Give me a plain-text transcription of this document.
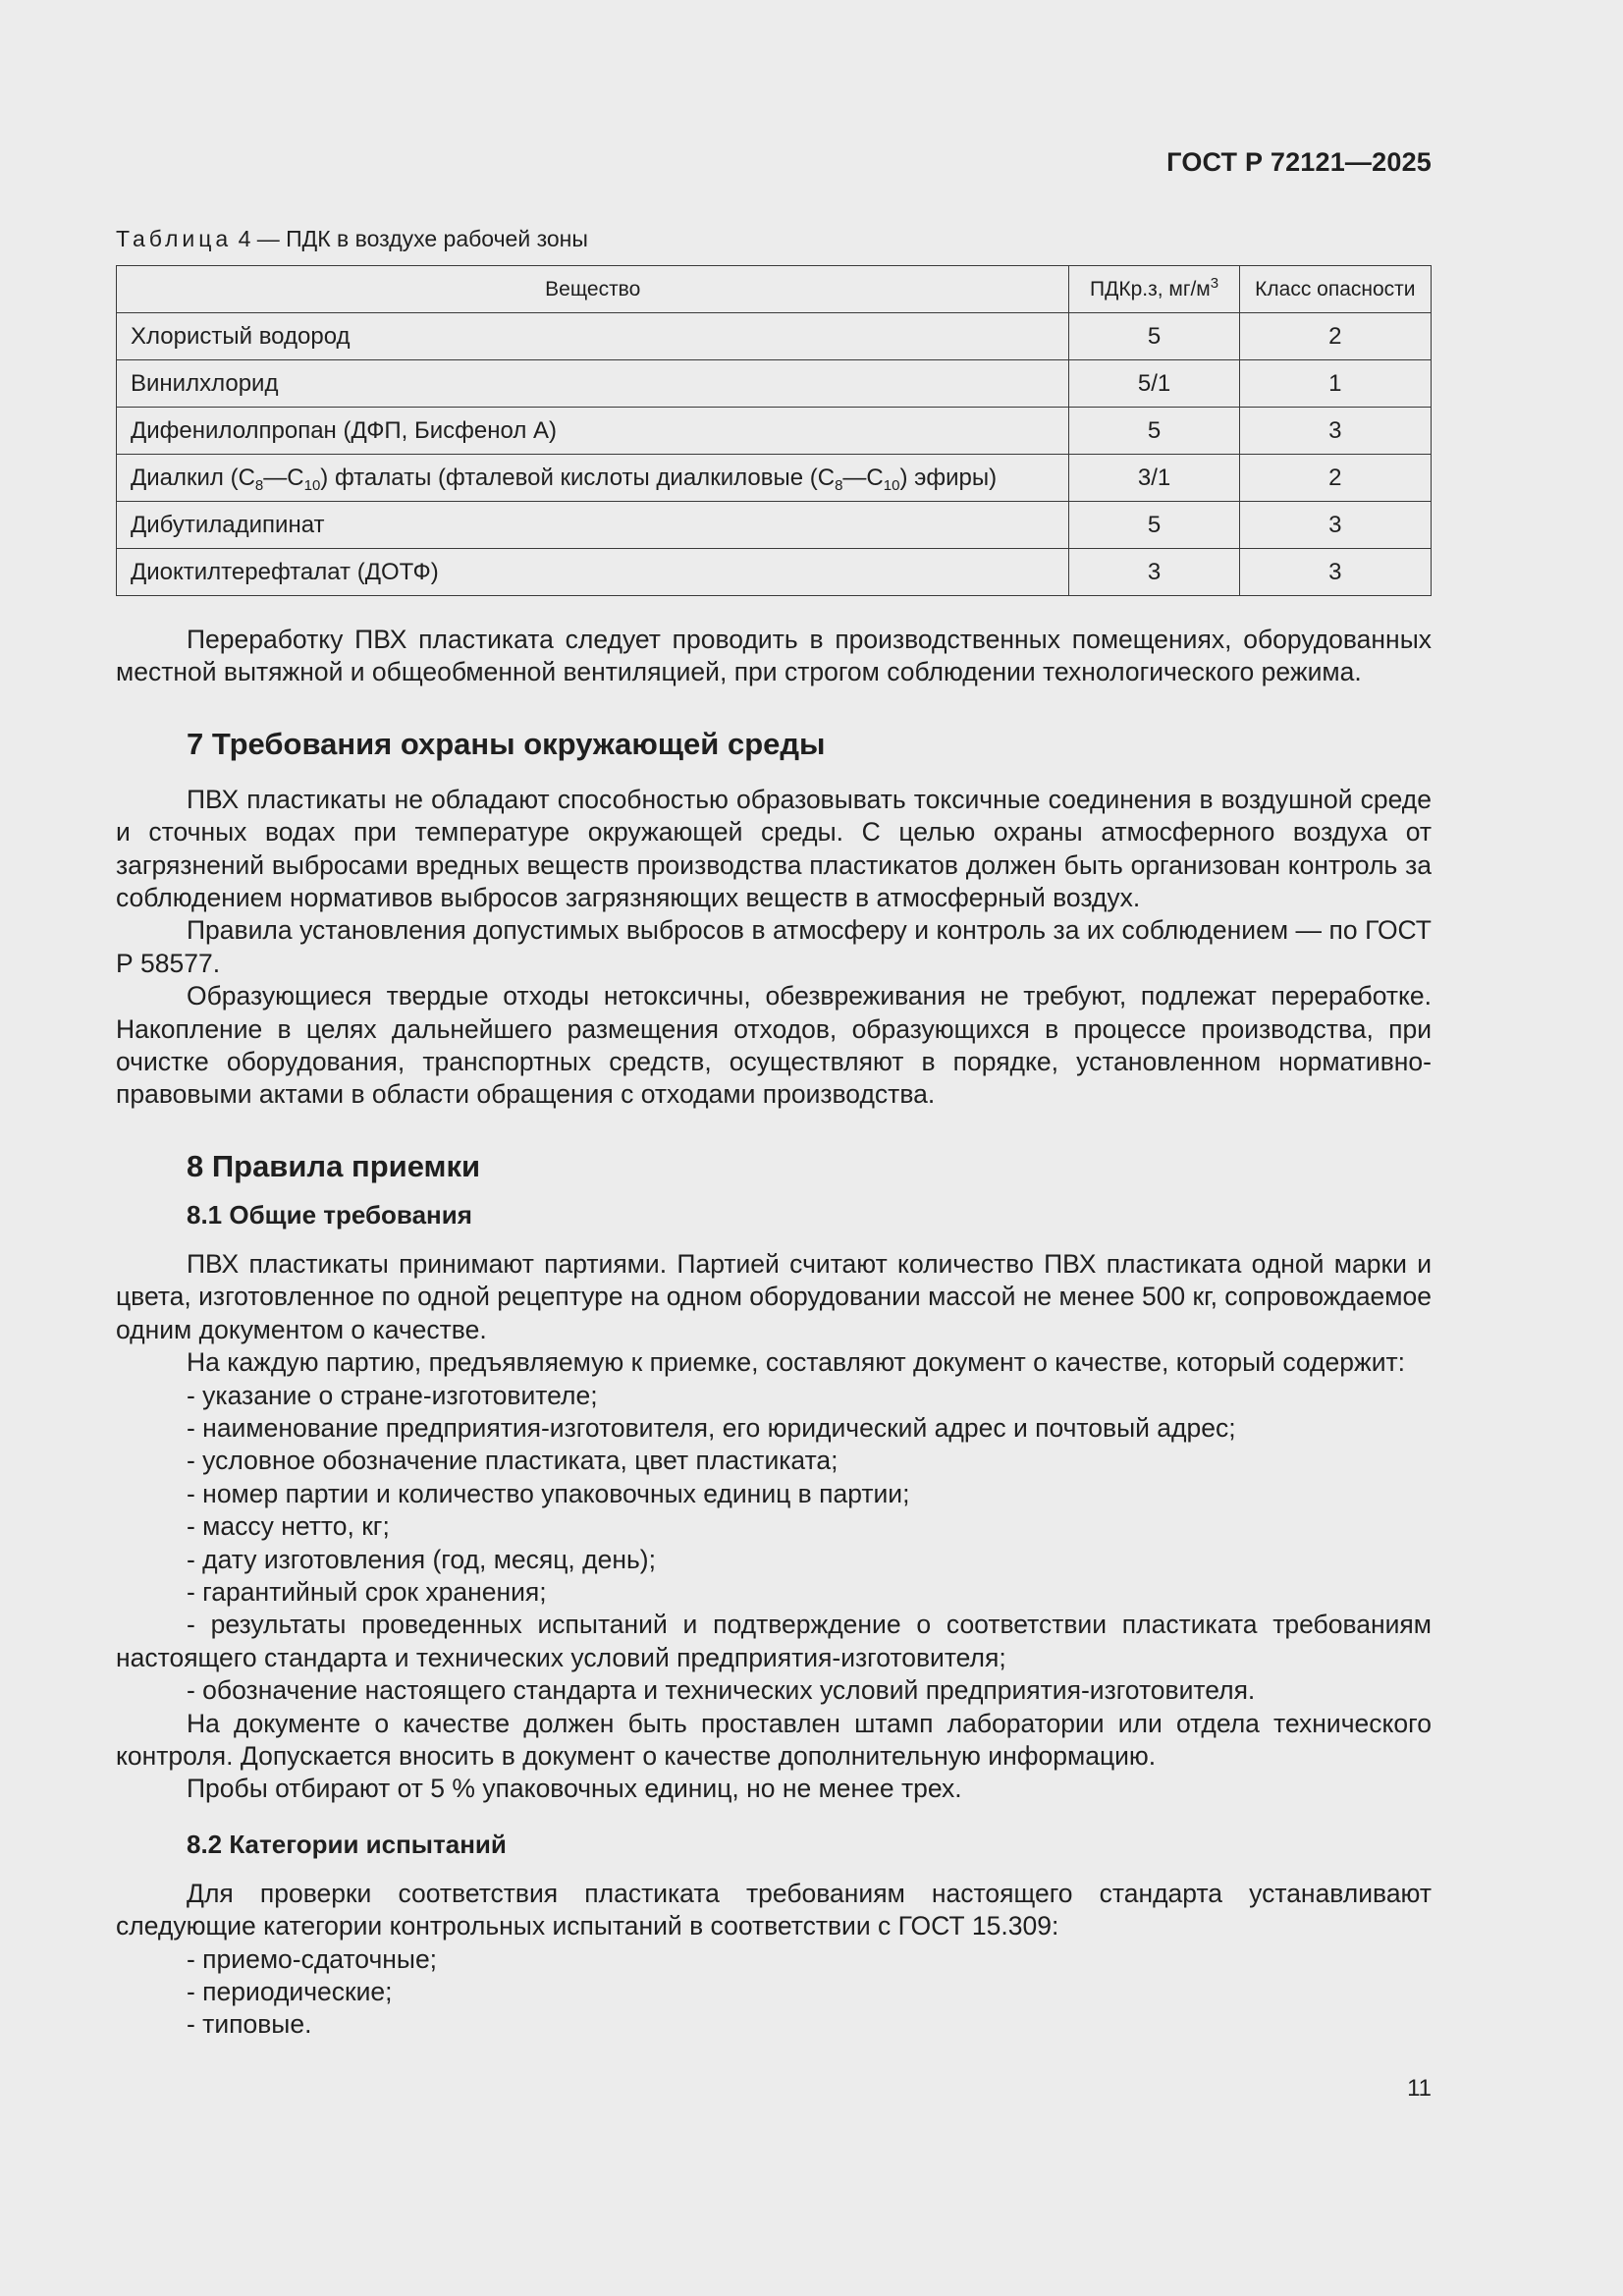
ГОСТ Р 72121—2025
Таблица 4 — ПДК в воздухе рабочей зоны
Вещество	ПДКр.з, $мг/м^3$	Класс опасности
Хлористый водород	5	2
Винилхлорид	5/1	1
Дифенилолпропан (ДФП, Бисфенол А)	5	3
Диалкил $(C_8—C_{10})$ фталаты (фталевой кислоты диалкиловые $(C_8—C_{10})$ эфиры)	3/1	2
Дибутиладипинат	5	3
Диоктилтерефталат (ДОТФ)	3	3

Переработку ПВХ пластиката следует проводить в производственных помещениях, оборудованных местной вытяжной и общеобменной вентиляцией, при строгом соблюдении технологического режима.

7 Требования охраны окружающей среды

ПВХ пластикаты не обладают способностью образовывать токсичные соединения в воздушной среде и сточных водах при температуре окружающей среды. С целью охраны атмосферного воздуха от загрязнений выбросами вредных веществ производства пластикатов должен быть организован контроль за соблюдением нормативов выбросов загрязняющих веществ в атмосферный воздух.

Правила установления допустимых выбросов в атмосферу и контроль за их соблюдением — по ГОСТ Р 58577.

Образующиеся твердые отходы нетоксичны, обезвреживания не требуют, подлежат переработке. Накопление в целях дальнейшего размещения отходов, образующихся в процессе производства, при очистке оборудования, транспортных средств, осуществляют в порядке, установленном нормативно-правовыми актами в области обращения с отходами производства.

8 Правила приемки
8.1 Общие требования

ПВХ пластикаты принимают партиями. Партией считают количество ПВХ пластиката одной марки и цвета, изготовленное по одной рецептуре на одном оборудовании массой не менее 500 кг, сопровождаемое одним документом о качестве.

На каждую партию, предъявляемую к приемке, составляют документ о качестве, который содержит:

- указание о стране-изготовителе;
- наименование предприятия-изготовителя, его юридический адрес и почтовый адрес;
- условное обозначение пластиката, цвет пластиката;
- номер партии и количество упаковочных единиц в партии;
- массу нетто, кг;
- дату изготовления (год, месяц, день);
- гарантийный срок хранения;

- результаты проведенных испытаний и подтверждение о соответствии пластиката требованиям настоящего стандарта и технических условий предприятия-изготовителя;

- обозначение настоящего стандарта и технических условий предприятия-изготовителя.

На документе о качестве должен быть проставлен штамп лаборатории или отдела технического контроля. Допускается вносить в документ о качестве дополнительную информацию.

Пробы отбирают от 5 % упаковочных единиц, но не менее трех.

8.2 Категории испытаний

Для проверки соответствия пластиката требованиям настоящего стандарта устанавливают следующие категории контрольных испытаний в соответствии с ГОСТ 15.309:

- приемо-сдаточные;
- периодические;
- типовые.
11
